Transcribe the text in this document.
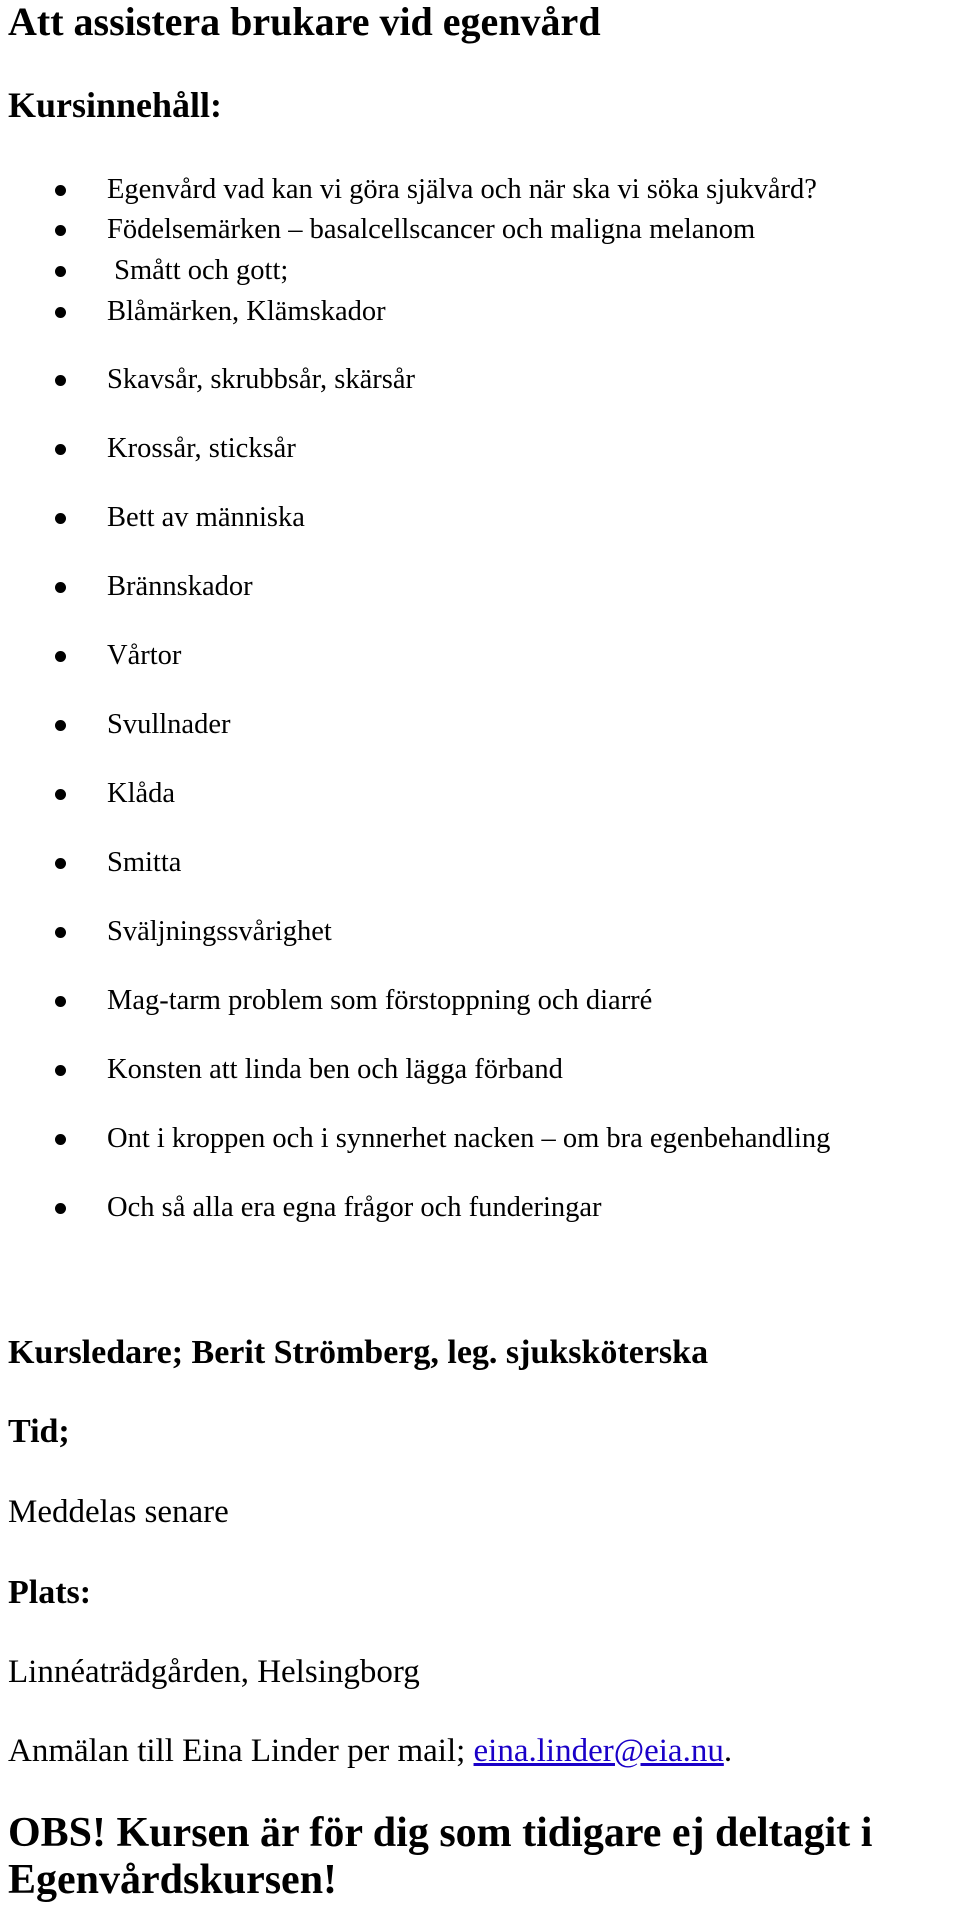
Att assistera brukare vid egenvård
Kursinnehåll:
Egenvård vad kan vi göra själva och när ska vi söka sjukvård?
Födelsemärken – basalcellscancer och maligna melanom
Smått och gott;
Blåmärken, Klämskador
Skavsår, skrubbsår, skärsår
Krossår, sticksår
Bett av människa
Brännskador
Vårtor
Svullnader
Klåda
Smitta
Sväljningssvårighet
Mag-tarm problem som förstoppning och diarré
Konsten att linda ben och lägga förband
Ont i kroppen och i synnerhet nacken – om bra egenbehandling
Och så alla era egna frågor och funderingar

Kursledare; Berit Strömberg, leg. sjuksköterska

Tid;

Meddelas senare

Plats:

Linnéaträdgården, Helsingborg

Anmälan till Eina Linder per mail; eina.linder@eia.nu.

OBS! Kursen är för dig som tidigare ej deltagit i
Egenvårdskursen!
